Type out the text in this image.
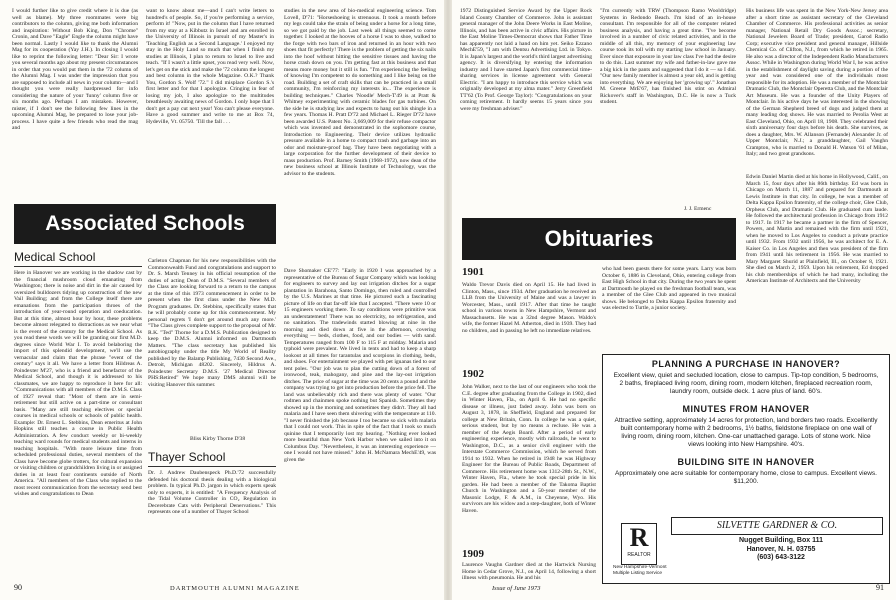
I would further like to give credit where it is due (as well as blame). My three roommates were big contributors to the column, giving me both information and inspiration: Without Bob King, Don "Chrome" Cronin, and Dave "Eagle" Engle the column might have been normal. Lastly I would like to thank the Alumni Mag for its cooperation (Yay J.H.). In closing I would like to reprint the following letter: "Dear Sir: I wrote you several months ago about my present circumstances in order that you would put them in the '72 column of the Alumni Mag. I was under the impression that you are supposed to include all news in your column—and I thought you were really hardpressed for info considering the nature of your 'funny' column five or six months ago. Perhaps I am mistaken. However, mister, if I don't see the following few lines in the upcoming Alumni Mag, be prepared to lose your job-process. I have quite a few friends who read the mag and
want to know about me—and I can't write letters to hundred's of people. So, if you're performing a service, perform it! "Now, put in the column that I have returned from my stay at a Kibbutz in Israel and am enrolled in the University of Illinois in pursuit of my Master's in 'Teaching English as a Second Language.' I enjoyed my stay in the Holy Land so much that when I finish my studies at Illinois, I plan to return to Israel to live and teach. "If I wasn't a little upset, you read very well. Now, let's get on the stick and make the '72 column the longest and best column in the whole Magazine. O.K.? Thank You, Gordon S. Wolf '72." I did misplace Gordon S.'s first letter and for that I apologize. Cringing in fear of losing my job, I also apologize to the multitudes breathlessly awaiting news of Gordon. I only hope that I don't get a pay cut next year! You can't please everyone. Have a good summer and write to me at Box 74, Hydeville, Vt. 05750. 'Till the fall . . .
studies in the new area of bio-medical engineering science. Tom Lovell, D'71: "Horseshoeing is strenuous. It took a month before my legs could take the strain of being under a horse for a long time, so we got paid by the job. Last week all things seemed to come together. I looked at the hooves of a horse I was to shoe, walked to the forge with two bars of iron and returned in an hour with two shoes that fit perfectly! There is the problem of getting the six nails into the hoof without hitting the sensitive tissues and having the horse crash down on you. I'm getting fast at this business and that means more money but it still is fun. "I'm experiencing the feeling of knowing I'm competent to do something and I like being on the road. Building a set of craft skills that can be practiced in a small community, I'm reinforcing my interests in... The experience is building techniques." Charles 'Noodle' Mech-T'49 is at Pratt & Whitney experimenting with ceramic blades for gas turbines. On the side he is studying law and expects to hang out his shingle in a few years. Thomas H. Pratt D'72 and Michael L. Rieger D'72 have been awarded U.S. Patent No. 3,669,009 for their refuse compactor which was invented and demonstrated in the sophomore course, Introduction to Engineering. Their device utilizes hydraulic pressure available in a home to compact trash and garbage into an odor and moisture-proof bag. They have been negotiating with a large corporation for the further development of their device to mass production. Prof. Barney Smith (1968-1972), now dean of the new business school at Illinois Institute of Technology, was the advisor to the students.
Associated Schools
Medical School
Here in Hanover we are working in the shadow cast by the financial mushroom cloud emanating from Washington; there is noise and dirt in the air caused by oversized bulldozers tidying up construction of the new Vail Building; and from the College itself there are emanations from the participation throes of the introduction of year-round operation and coeducation. But at this time, almost hour by hour, these problems become almost relegated to distractions as we near what is the event of the century for the Medical School. As you read these words we will be granting our first M.D. degrees since World War I. To avoid belaboring the import of this splendid development, we'll use the vernacular and claim that the phrase "event of the century" says it all. We have a letter from Hildreas A. Poindexter M'27, who is a friend and benefactor of the Medical School, and though it is addressed to his classmates, we are happy to reproduce it here for all: "Communications with all members of the D.M.S. Class of 1927 reveal that: "Most of them are in semi-retirement but still active on a part-time or consultant basis. "Many are still teaching electives or special courses in medical schools or schools of public health. Example: Dr. Ernest L. Stebbins, Dean emeritus at John Hopkins still teaches a course in Public Health Administration. A few conduct weekly or bi-weekly teaching ward rounds for medical students and interns in teaching hospitals. "With more leisure time from scheduled professional duties, several members of the Class have become globe trotters, for cultural expansion or visiting children or grandchildren living in or assigned duties in at least four continents outside of North America. "All members of the Class who replied to the most recent communication from the secretary send best wishes and congratulations to Dean
Carleton Chapman for his new responsibilities with the Commonwealth Fund and congratulations and support to Dr. S. Marsh Tenney in his official resumption of the duties of acting Dean of D.M.S. "Several members of the Class are looking forward to a return to the campus at the time of this 1973 commencement in order to be present when the first class under the New M.D. Program graduates. Dr. Stebbins, specifically states that he will probably come up for this commencement. My personal regrets 'I don't get around much any more.' "The Class gives complete support to the proposal of Mr. R.K. "Ted" Thorne for a D.M.S. Publication designed to keep the D.M.S. Alumni informed on Dartmouth Matters. "The class secretary has published his autobiography under the title My World of Reality published by the Balamp Publishing, 7430 Second Ave., Detroit, Michigan 48202. Sincerely, Hildrus A. Poindexter Secretary D.M.S. '27 Medical Director PHS:Retired" We hope many DMS alumni will be visiting Hanover this summer.
Bliss Kirby Thorne D'38
Thayer School
Dr. J. Andrew Daubenspeck Ph.D.'72 successfully defended his doctoral thesis dealing with a biological problem. In typical Ph.D. jargon in which experts speak only to experts, it is entitled: "A Frequency Analysis of the Tidal Volume Controller in CO₂ Regulation in Decerebrate Cats with Peripheral Denervations." This represents one of a number of Thayer School
Dave Shomaker CE'77: "Early in 1920 I was approached by a representative of the Bureau of Sugar Company which was looking for engineers to survey and lay out irrigation ditches for a sugar plantation in Barahona, Santo Domingo, then ruled and controlled by the U.S. Marines at that time. He pictured such a fascinating picture of life on that far-off isle that I accepted. "There were 10 or 15 engineers working there. To say conditions were primitive was an understatement! There was no electricity, no refrigeration, and no sanitation. The tradewinds started blowing at nine in the morning and died down at five in the afternoon, covering everything — beds, clothes, food, and our bodies — with sand. Temperatures ranged from 100 F to 115 F at midday. Malaria and typhoid were prevalent. We lived in tents and had to keep a sharp lookout at all times for tarantulas and scorpions in clothing, beds, and shoes. For entertainment we played with pet iguanas tied to our tent poles. "Our job was to plan the cutting down of a forest of ironwood, teak, mahogany, and pine and the lay-out irrigation ditches. The price of sugar at the time was 20 cents a pound and the company was trying to get into production before the price fell. The land was unbelievably rich and there was plenty of water. "Our rodmen and chainmen spoke nothing but Spanish. Sometimes they showed up in the morning and sometimes they didn't. They all had malaria and I have seen them shivering with the temperature at 110. "I never finished the job because I too became so sick with malaria that I could not work. This in spite of the fact that I took so much quinine that I temporarily lost my hearing. "Nothing ever looked more beautiful than New York Harbor when we sailed into it on Columbus Day. "Nevertheless, it was an interesting experience — one I would not have missed." John H. McNamara MechE'49, was given the
90	DARTMOUTH ALUMNI MAGAZINE
1972 Distinguished Service Award by the Upper Rock Island County Chamber of Commerce. John is assistant general manager of the John Deere Works in East Moline, Illinois, and has been active in civic affairs. His picture in the East Moline Times-Democrat shows that Father Time has apparently not laid a hand on him yet. Seiko Ezzano MechE'59, "I am with Dentsu Advertising Ltd. in Tokyo. It is Japan's largest and the world's third largest advertising agency. It is diversifying by entering the information industry and I have started Japan's first commercial time-sharing services in license agreement with General Electric. "I am happy to introduce this service which was originally developed at my alma mater." Jerry Greenfield TT'62 (To Prof. George Taylor): "Congratulations on your coming retirement. It hardly seems 15 years since you were my freshman adviser."
"I'm currently with TRW (Thompson Ramo Wooldridge) Systems in Redondo Beach. I'm kind of an in-house consultant. I'm responsible for all of the computer related business analysis, and having a great time. "I've become involved in a number of civic related activities, and in the middle of all this, my memory of your engineering law course took its toll with my starting law school in January. Ever since that exposure in your law class I've had the desire to do this. Last summer my wife and father-in-law gave me a big kick in the pants and suggested that I do it — so I did. "Our new family member is almost a year old, and is getting into everything. We are enjoying her 'growing up'." Jonathan M. Greene MrE'67, has finished his stint on Admiral Rickover's staff in Washington, D.C. He is now a Tuck student.
J. J. Ermenc
His business life was spent in the New York-New Jersey area after a short time as assistant secretary of the Cleveland Chamber of Commerce. His professional activities as senior manager, National Retail Dry Goods Assoc.; secretary, National Jewelers Board of Trade; president, Garod Radio Corp; executive vice president and general manager, Hillside Chemical Co. of Clifton, N.J., from which he retired in 1965. He also was a director of the Independent Radio Manufacturers Assoc. While in Washington during World War I, he was active in the establishment of daylight saving during a portion of the year and was considered one of the individuals most responsible for its adoption. He was a member of the Montclair Dramatic Club, the Montclair Operetta Club, and the Montclair Art Museum. He was a founder of the Unity Players of Montclair. In his active days he was interested in the showing of the German Shepherd breed of dogs and judged them at many leading dog shows. He was married to Perolia West at East Cleveland, Ohio, on April 18, 1908. They celebrated their sixth anniversary four days before his death. She survives, as does a daughter, Mrs. W. Allanson (Fernande) Alexander Jr. of Upper Montclair, N.J.; a granddaughter, Gail Vaughn Crampton, who is married to Donald H. Watson '61 of Milan, Italy; and two great grandsons.
Edwin Daniel Martin died at his home in Hollywood, Calif., on March 15, four days after his 86th birthday. Ed was born in Chicago on March 11, 1887 and prepared for Dartmouth at Lewis Institute in that city. In college, he was a member of Delta Kappa Epsilon fraternity, of the college choir, Glee Club, Orpheus Club, and Dramatic Club. He graduated cum laude. He followed the architectural profession in Chicago from 1912 to 1917. In 1917 he became a partner in the firm of Spencer, Powers, and Martin and remained with the firm until 1921, when he moved to Los Angeles to conduct a private practice until 1932. From 1932 until 1956, he was architect for E. A. Kaiser Co. in Los Angeles and then was president of the firm from 1941 until his retirement in 1956. He was married to Mary Margaret Shurid at Plainfield, Ill., on October 8, 1921. She died on March 2, 1959. Upon his retirement, Ed dropped his club memberships of which he had many, including the American Institute of Architects and the University
Obituaries
1901
Waldo Trevor Davis died on April 15. He had lived in Clinton, Mass., since 1934. After graduation he received an LLB from the University of Maine and was a lawyer in Worcester, Mass., until 1917. After that time he taught school in various towns in New Hampshire, Vermont and Massachusetts. He was a 32nd degree Mason. Waldo's wife, the former Hazel M. Atherton, died in 1939. They had no children, and in passing he left no immediate relatives.
who had been guests there for some years. Larry was born October 6, 1886 in Cleveland, Ohio, entering college from East High School in that city. During the two years he spent at Dartmouth he played on the freshman football team, was a member of the Glee Club and appeared in two musical shows. He belonged to Delta Kappa Epsilon fraternity and was elected to Turtle, a junior society.
1902
John Walker, next to the last of our engineers who took the C.E. degree after graduating from the College in 1902, died in Winter Haven, Fla., on April 6. He had no specific disease or illness, just faded away. John was born on August 3, 1878, in Sheffield, England and prepared for college at New Britain, Conn. In college he was a quiet, serious student, but by no means a recluse. He was a member of the Aegis Board. After a period of early engineering experience, mostly with railroads, he went to Washington, D.C., as a senior civil engineer with the Interstate Commerce Commission, which he served from 1914 to 1932. When he retired in 1948 he was Highway Engineer for the Bureau of Public Roads, Department of Commerce. His retirement home was 1312-28th St., N.W., Winter Haven, Fla., where he took special pride in his garden. He had been a member of the Takoma Baptist Church in Washington and a 50-year member of the Masonic Lodge, F. & A.M., in Cheyenne, Wyo. His survivors are his widow and a step-daughter, both of Winter Haven.
1909
Laurence Vaughn Gardner died at the Hartwick Nursing Home in Cedar Grove, N.J., on April 14, following a short illness with pneumonia. He and his
PLANNING A PURCHASE IN HANOVER?
Excellent view, quiet and secluded location, close to campus. Tip-top condition, 5 bedrooms, 2 baths, fireplaced living room, dining room, modern kitchen, fireplaced recreation room, laundry room, outside deck. 1 acre plus of land. 60's.
MINUTES FROM HANOVER
Attractive setting, approximately 14 acres for protection, land borders two roads. Excellently built contemporary home with 2 bedrooms, 1½ baths, fieldstone fireplace on one wall of living room, dining room, kitchen. One-car unattached garage. Lots of stone work. Nice views looking into New Hampshire. 40's.
BUILDING SITE IN HANOVER
Approximately one acre suitable for contemporary home, close to campus. Excellent views. $11,200.
R
REALTOR
SILVETTE GARDNER & CO.
Nugget Building, Box 111
Hanover, N. H. 03755
(603) 643-3122
New Hampshire-Vermont Multiple Listing Service
Issue of June 1973	91
